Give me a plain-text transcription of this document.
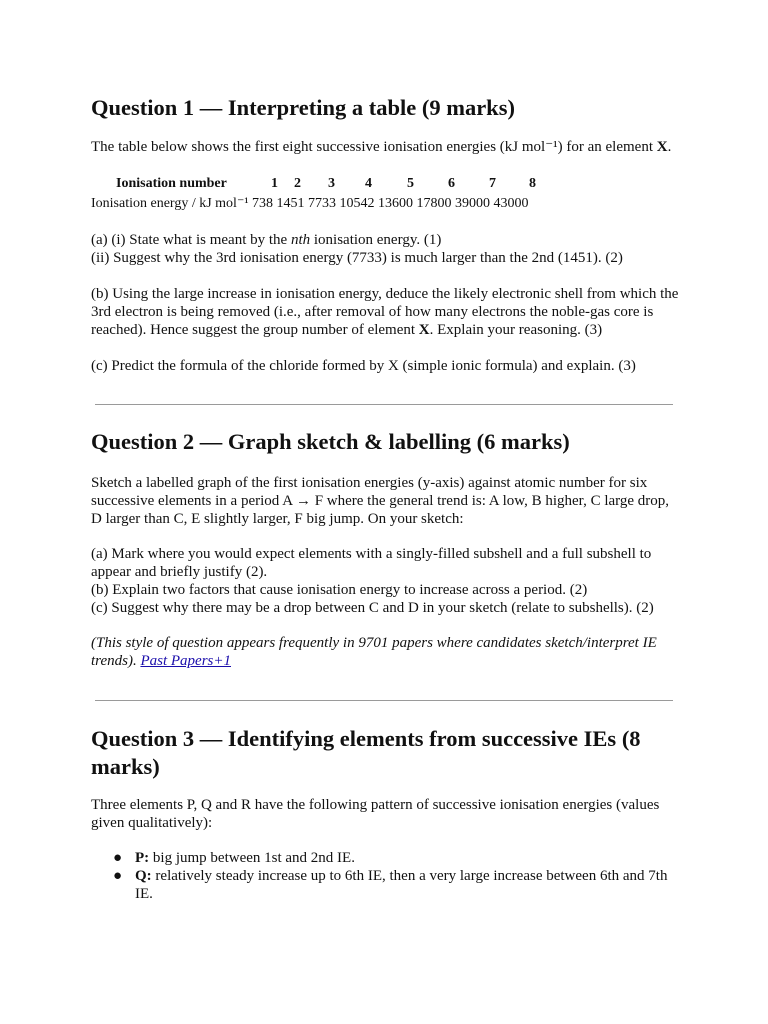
Question 1 — Interpreting a table (9 marks)

The table below shows the first eight successive ionisation energies (kJ mol⁻¹) for an element X.

Ionisation number	1	2	3	4	5	6	7	8

Ionisation energy / kJ mol⁻¹ 738 1451 7733 10542 13600 17800 39000 43000

(a) (i) State what is meant by the nth ionisation energy. (1)

(ii) Suggest why the 3rd ionisation energy (7733) is much larger than the 2nd (1451). (2)

(b) Using the large increase in ionisation energy, deduce the likely electronic shell from which the 3rd electron is being removed (i.e., after removal of how many electrons the noble-gas core is reached). Hence suggest the group number of element X. Explain your reasoning. (3)

(c) Predict the formula of the chloride formed by X (simple ionic formula) and explain. (3)

Question 2 — Graph sketch & labelling (6 marks)

Sketch a labelled graph of the first ionisation energies (y-axis) against atomic number for six successive elements in a period A → F where the general trend is: A low, B higher, C large drop, D larger than C, E slightly larger, F big jump. On your sketch:

(a) Mark where you would expect elements with a singly-filled subshell and a full subshell to appear and briefly justify (2).

(b) Explain two factors that cause ionisation energy to increase across a period. (2)

(c) Suggest why there may be a drop between C and D in your sketch (relate to subshells). (2)

(This style of question appears frequently in 9701 papers where candidates sketch/interpret IE trends). Past Papers+1

Question 3 — Identifying elements from successive IEs (8 marks)

Three elements P, Q and R have the following pattern of successive ionisation energies (values given qualitatively):

● P: big jump between 1st and 2nd IE.
● Q: relatively steady increase up to 6th IE, then a very large increase between 6th and 7th IE.
